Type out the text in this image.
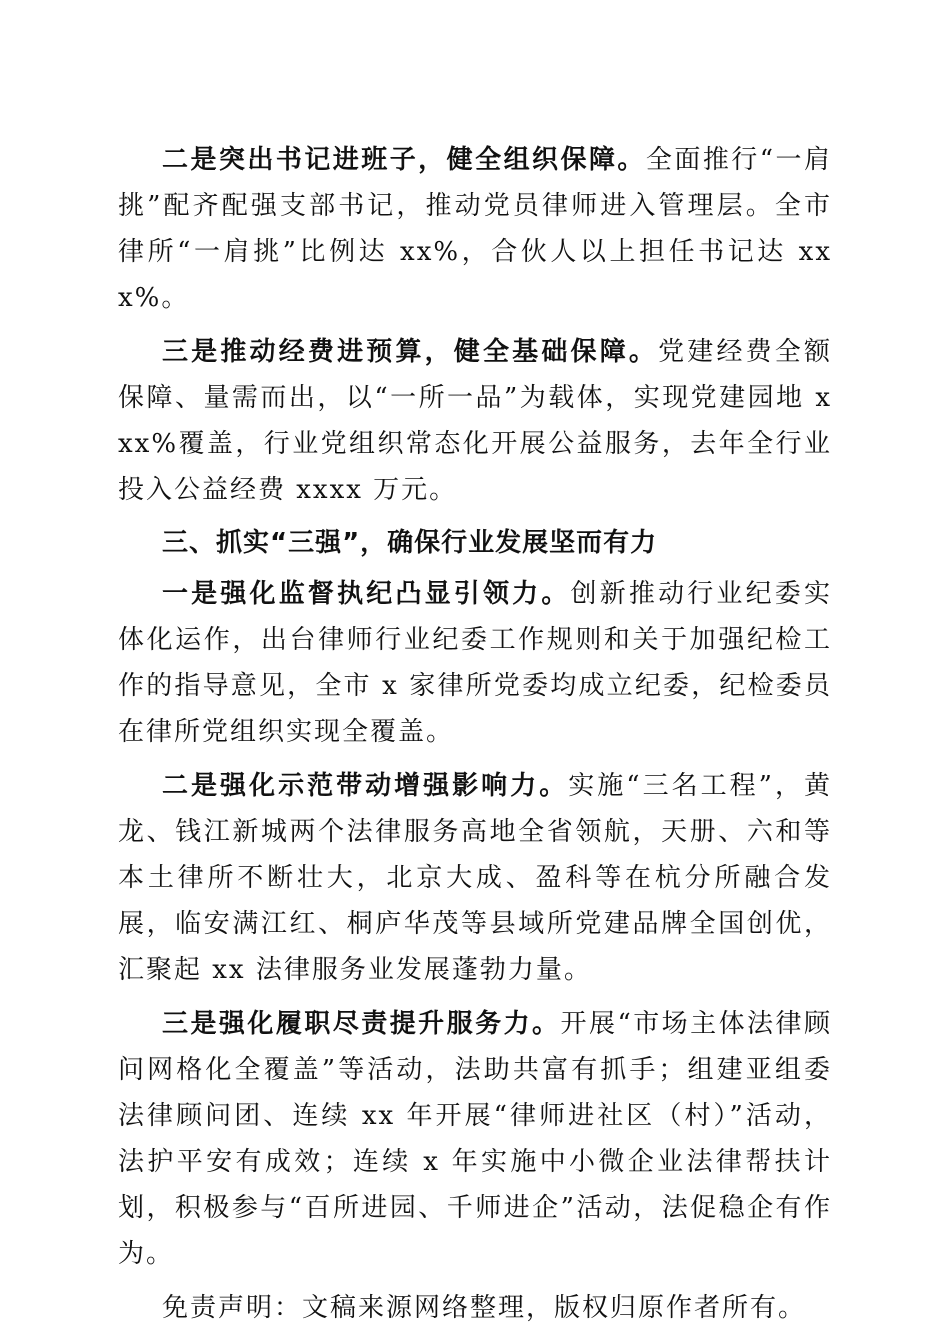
二是突出书记进班子，健全组织保障。全面推行“一肩挑”配齐配强支部书记，推动党员律师进入管理层。全市律所“一肩挑”比例达 xx%，合伙人以上担任书记达 xxx%。

三是推动经费进预算，健全基础保障。党建经费全额保障、量需而出，以“一所一品”为载体，实现党建园地 xxx%覆盖，行业党组织常态化开展公益服务，去年全行业投入公益经费 xxxx 万元。

三、抓实“三强”，确保行业发展坚而有力

一是强化监督执纪凸显引领力。创新推动行业纪委实体化运作，出台律师行业纪委工作规则和关于加强纪检工作的指导意见，全市 x 家律所党委均成立纪委，纪检委员在律所党组织实现全覆盖。

二是强化示范带动增强影响力。实施“三名工程”，黄龙、钱江新城两个法律服务高地全省领航，天册、六和等本土律所不断壮大，北京大成、盈科等在杭分所融合发展，临安满江红、桐庐华茂等县域所党建品牌全国创优，汇聚起 xx 法律服务业发展蓬勃力量。

三是强化履职尽责提升服务力。开展“市场主体法律顾问网格化全覆盖”等活动，法助共富有抓手；组建亚组委法律顾问团、连续 xx 年开展“律师进社区（村）”活动，法护平安有成效；连续 x 年实施中小微企业法律帮扶计划，积极参与“百所进园、千师进企”活动，法促稳企有作为。

免责声明：文稿来源网络整理，版权归原作者所有。
